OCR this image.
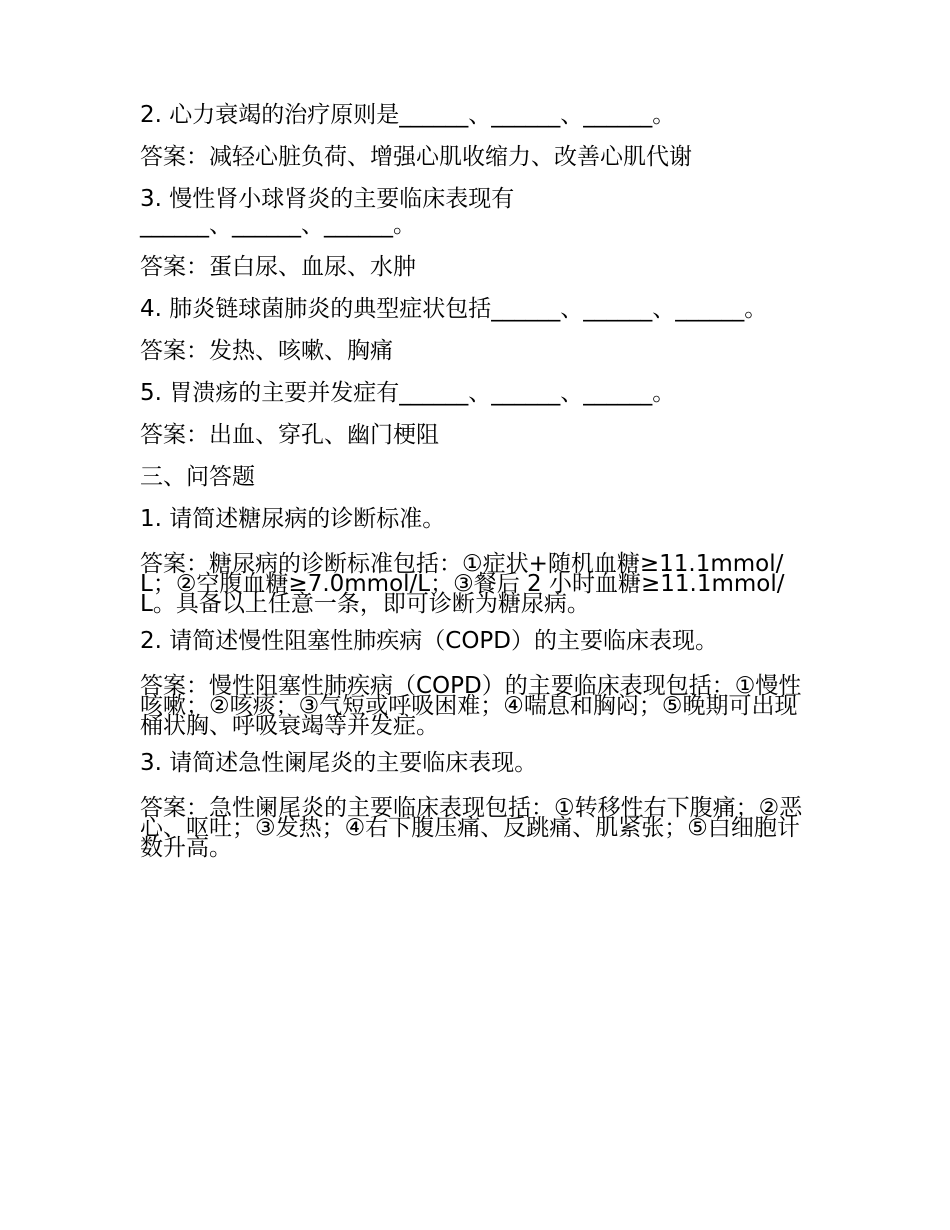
2. 心力衰竭的治疗原则是______、______、______。
答案：减轻心脏负荷、增强心肌收缩力、改善心肌代谢
3. 慢性肾小球肾炎的主要临床表现有
______、______、______。
答案：蛋白尿、血尿、水肿
4. 肺炎链球菌肺炎的典型症状包括______、______、______。
答案：发热、咳嗽、胸痛
5. 胃溃疡的主要并发症有______、______、______。
答案：出血、穿孔、幽门梗阻
三、问答题
1. 请简述糖尿病的诊断标准。
答案：糖尿病的诊断标准包括：①症状+随机血糖≥11.1mmol/L；②空腹血糖≥7.0mmol/L；③餐后 2 小时血糖≥11.1mmol/L。具备以上任意一条，即可诊断为糖尿病。
2. 请简述慢性阻塞性肺疾病（COPD）的主要临床表现。
答案：慢性阻塞性肺疾病（COPD）的主要临床表现包括：①慢性咳嗽；②咳痰；③气短或呼吸困难；④喘息和胸闷；⑤晚期可出现桶状胸、呼吸衰竭等并发症。
3. 请简述急性阑尾炎的主要临床表现。
答案：急性阑尾炎的主要临床表现包括：①转移性右下腹痛；②恶心、呕吐；③发热；④右下腹压痛、反跳痛、肌紧张；⑤白细胞计数升高。
